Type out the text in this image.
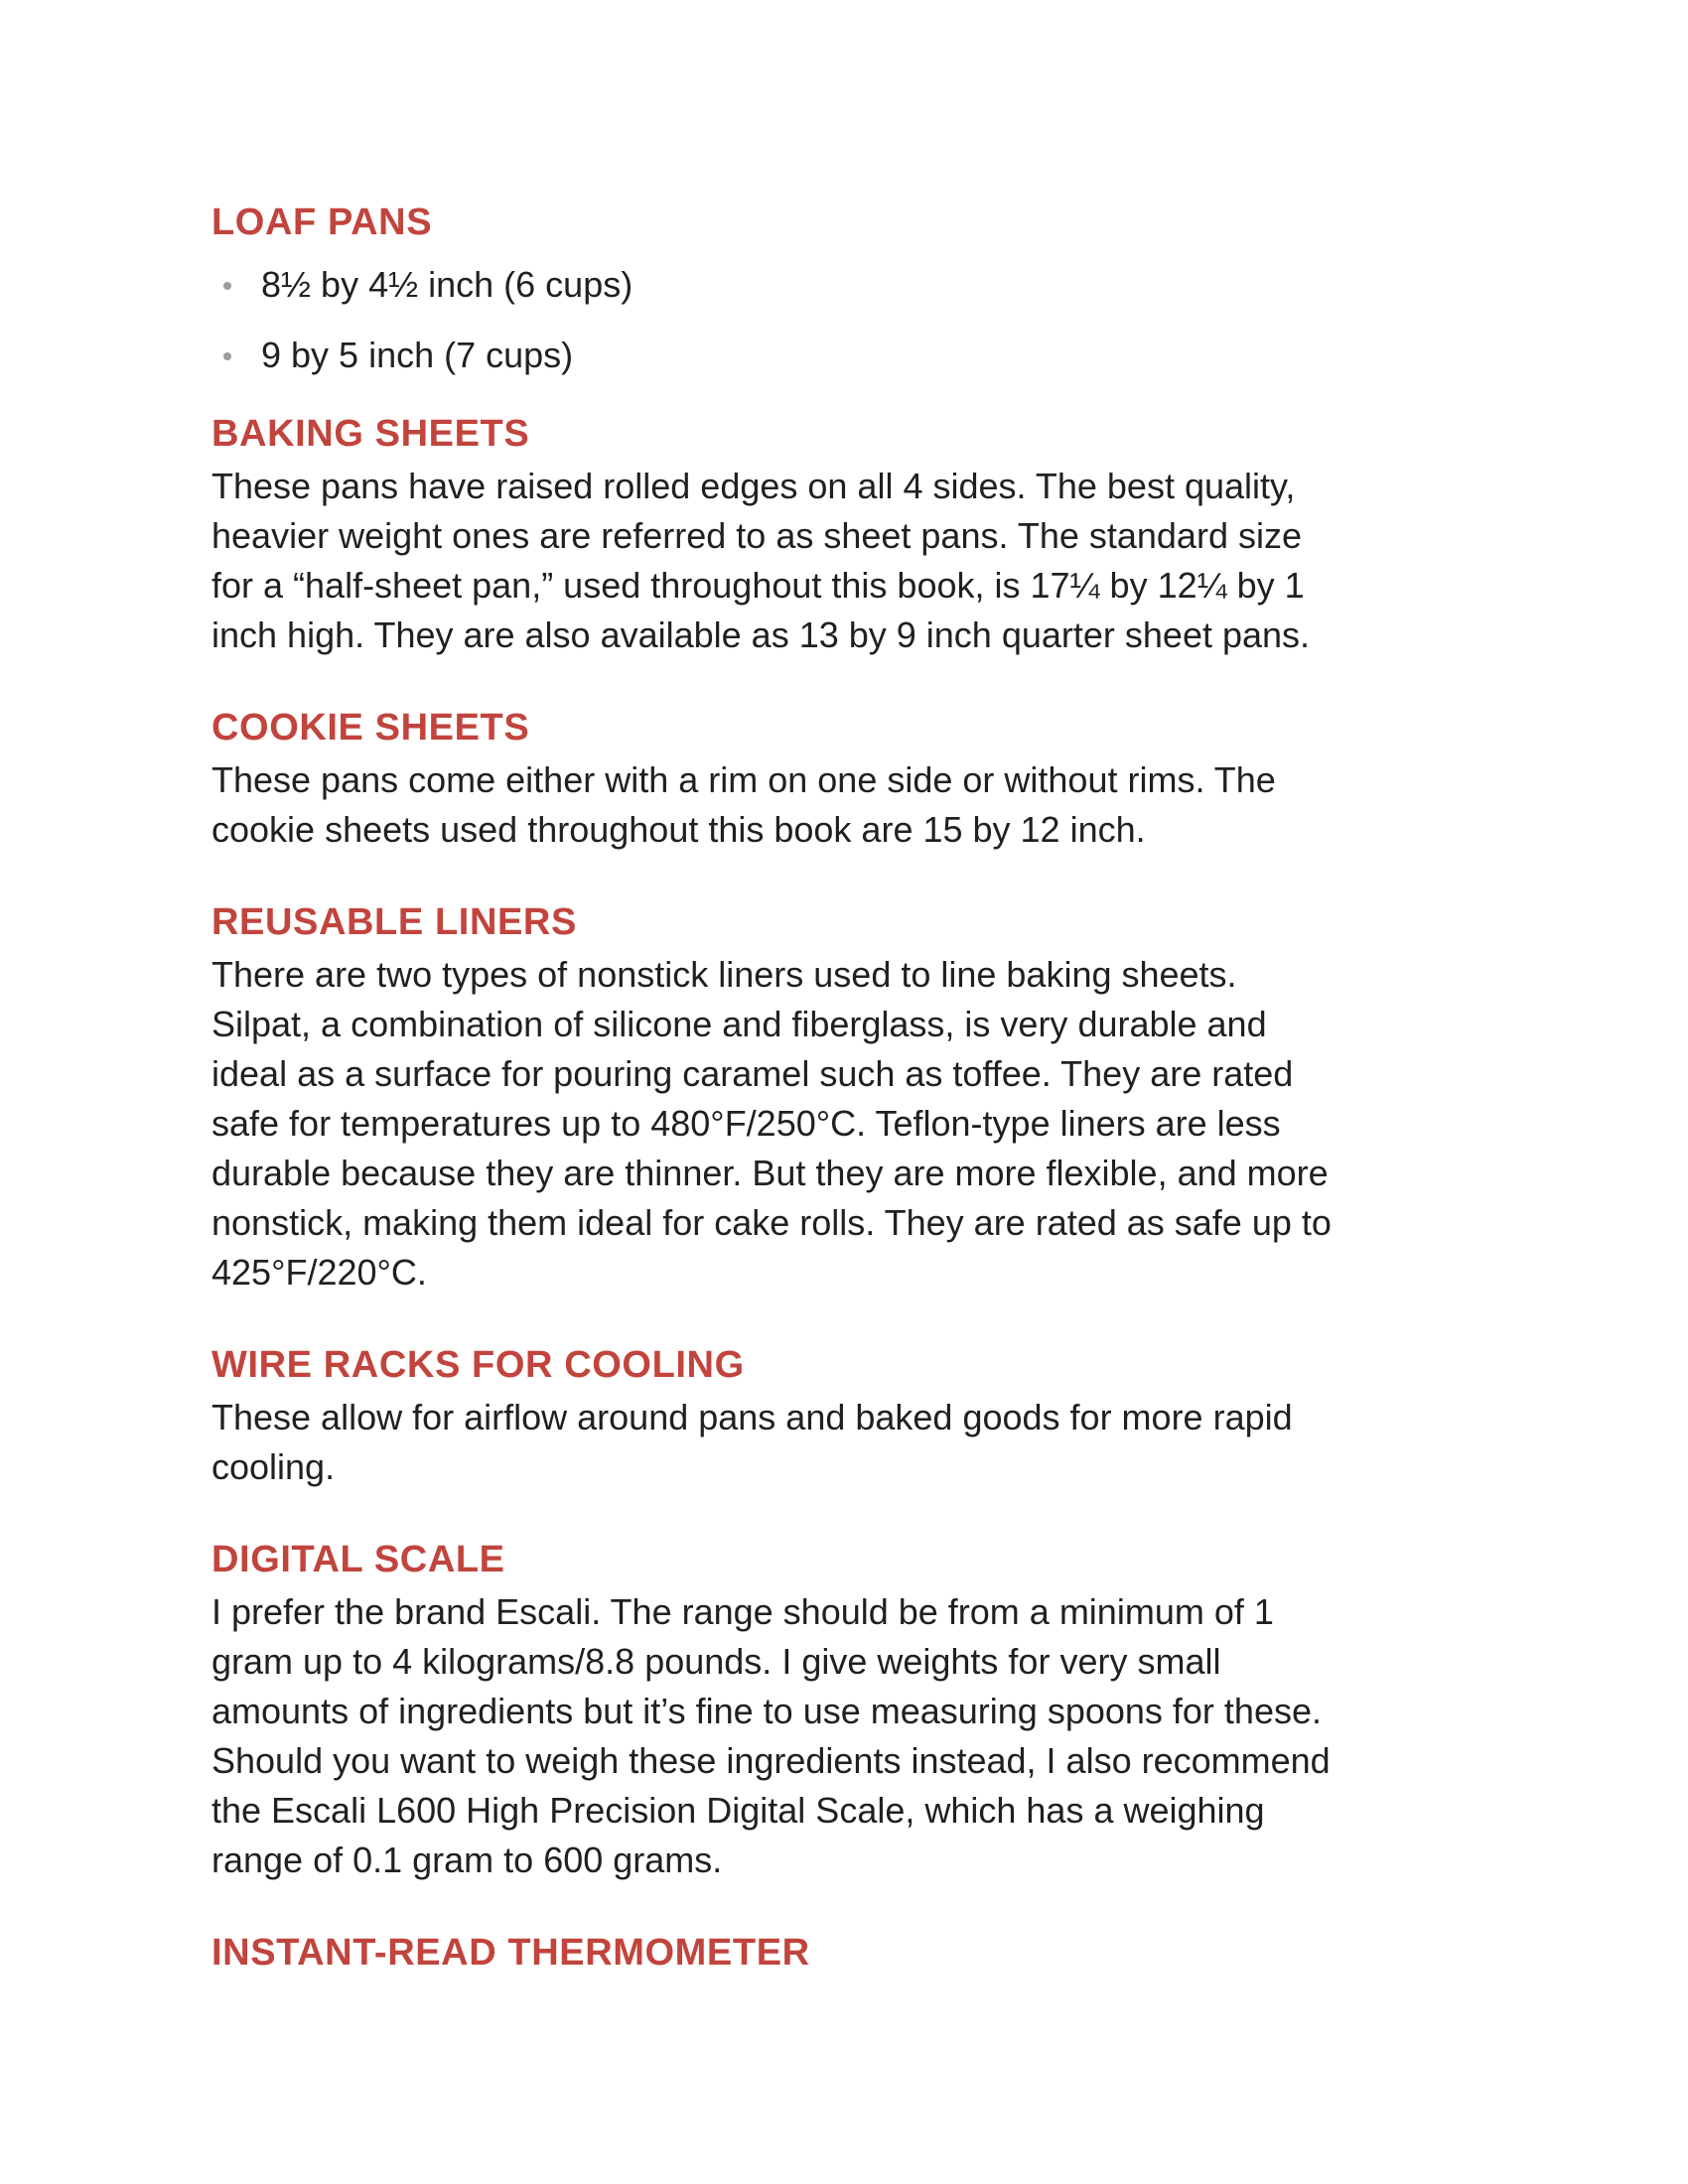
LOAF PANS
8½ by 4½ inch (6 cups)
9 by 5 inch (7 cups)
BAKING SHEETS

These pans have raised rolled edges on all 4 sides. The best quality,
heavier weight ones are referred to as sheet pans. The standard size
for a “half-sheet pan,” used throughout this book, is 17¼ by 12¼ by 1
inch high. They are also available as 13 by 9 inch quarter sheet pans.

COOKIE SHEETS

These pans come either with a rim on one side or without rims. The
cookie sheets used throughout this book are 15 by 12 inch.

REUSABLE LINERS

There are two types of nonstick liners used to line baking sheets.
Silpat, a combination of silicone and fiberglass, is very durable and
ideal as a surface for pouring caramel such as toffee. They are rated
safe for temperatures up to 480°F/250°C. Teflon-type liners are less
durable because they are thinner. But they are more flexible, and more
nonstick, making them ideal for cake rolls. They are rated as safe up to
425°F/220°C.

WIRE RACKS FOR COOLING

These allow for airflow around pans and baked goods for more rapid
cooling.

DIGITAL SCALE

I prefer the brand Escali. The range should be from a minimum of 1
gram up to 4 kilograms/8.8 pounds. I give weights for very small
amounts of ingredients but it’s fine to use measuring spoons for these.
Should you want to weigh these ingredients instead, I also recommend
the Escali L600 High Precision Digital Scale, which has a weighing
range of 0.1 gram to 600 grams.

INSTANT-READ THERMOMETER
